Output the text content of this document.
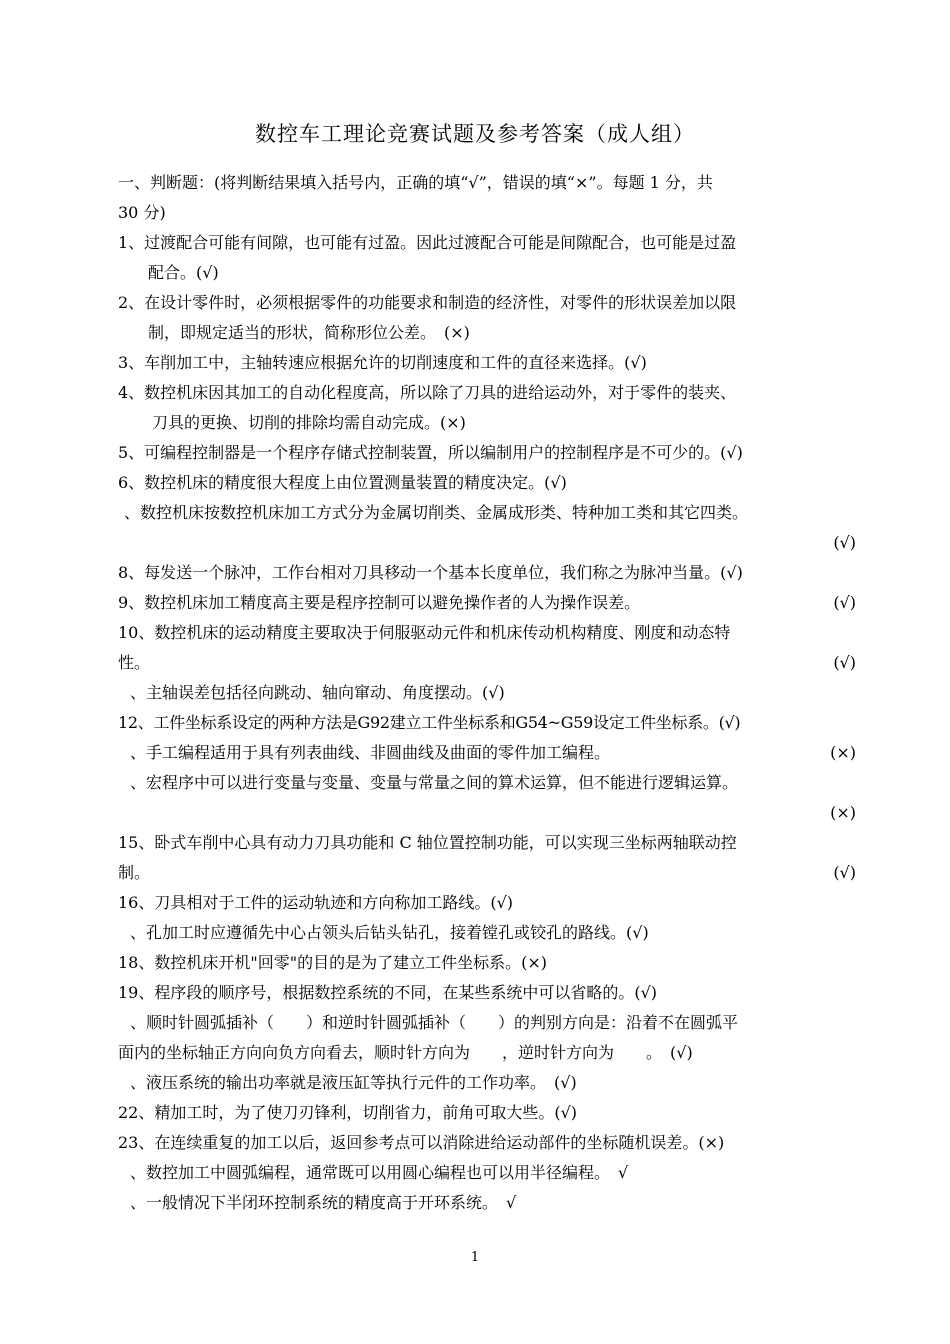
数控车工理论竞赛试题及参考答案（成人组）
一、判断题：(将判断结果填入括号内，正确的填“√”，错误的填“×”。每题 1 分，共
30 分)
1、过渡配合可能有间隙，也可能有过盈。因此过渡配合可能是间隙配合，也可能是过盈
配合。(√)
2、在设计零件时，必须根据零件的功能要求和制造的经济性，对零件的形状误差加以限
制，即规定适当的形状，简称形位公差。　(×)
3、车削加工中，主轴转速应根据允许的切削速度和工件的直径来选择。(√)
4、数控机床因其加工的自动化程度高，所以除了刀具的进给运动外，对于零件的装夹、
刀具的更换、切削的排除均需自动完成。(×)
5、可编程控制器是一个程序存储式控制装置，所以编制用户的控制程序是不可少的。(√)
6、数控机床的精度很大程度上由位置测量装置的精度决定。(√)
、数控机床按数控机床加工方式分为金属切削类、金属成形类、特种加工类和其它四类。
(√)
8、每发送一个脉冲，工作台相对刀具移动一个基本长度单位，我们称之为脉冲当量。(√)
9、数控机床加工精度高主要是程序控制可以避免操作者的人为操作误差。	(√)
10、数控机床的运动精度主要取决于伺服驱动元件和机床传动机构精度、刚度和动态特
性。	(√)
、主轴误差包括径向跳动、轴向窜动、角度摆动。(√)
12、工件坐标系设定的两种方法是G92建立工件坐标系和G54~G59设定工件坐标系。(√)
、手工编程适用于具有列表曲线、非圆曲线及曲面的零件加工编程。	(×)
、宏程序中可以进行变量与变量、变量与常量之间的算术运算，但不能进行逻辑运算。
(×)
15、卧式车削中心具有动力刀具功能和 C 轴位置控制功能，可以实现三坐标两轴联动控
制。	(√)
16、刀具相对于工件的运动轨迹和方向称加工路线。(√)
、孔加工时应遵循先中心占领头后钻头钻孔，接着镗孔或铰孔的路线。(√)
18、数控机床开机"回零"的目的是为了建立工件坐标系。(×)
19、程序段的顺序号，根据数控系统的不同，在某些系统中可以省略的。(√)
、顺时针圆弧插补（　　）和逆时针圆弧插补（　　）的判别方向是：沿着不在圆弧平
面内的坐标轴正方向向负方向看去，顺时针方向为　　，逆时针方向为　　。　(√)
、液压系统的输出功率就是液压缸等执行元件的工作功率。　(√)
22、精加工时，为了使刀刃锋利，切削省力，前角可取大些。(√)
23、在连续重复的加工以后，返回参考点可以消除进给运动部件的坐标随机误差。(×)
、数控加工中圆弧编程，通常既可以用圆心编程也可以用半径编程。　√
、一般情况下半闭环控制系统的精度高于开环系统。　√
1
